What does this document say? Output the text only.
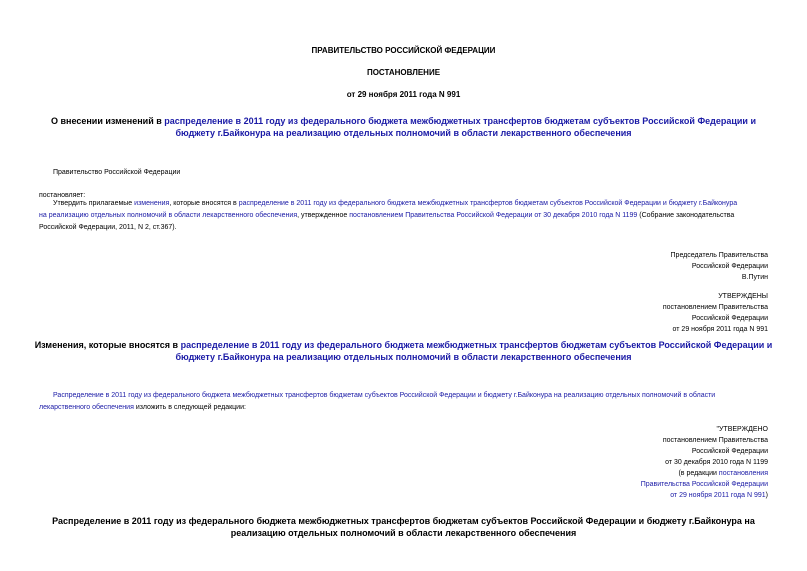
ПРАВИТЕЛЬСТВО РОССИЙСКОЙ ФЕДЕРАЦИИ
ПОСТАНОВЛЕНИЕ
от 29 ноября 2011 года N 991
О внесении изменений в распределение в 2011 году из федерального бюджета межбюджетных трансфертов бюджетам субъектов Российской Федерации и
бюджету г.Байконура на реализацию отдельных полномочий в области лекарственного обеспечения
Правительство Российской Федерации
постановляет:
Утвердить прилагаемые изменения, которые вносятся в распределение в 2011 году из федерального бюджета межбюджетных трансфертов бюджетам субъектов Российской Федерации и бюджету г.Байконура
на реализацию отдельных полномочий в области лекарственного обеспечения, утвержденное постановлением Правительства Российской Федерации от 30 декабря 2010 года N 1199 (Собрание законодательства
Российской Федерации, 2011, N 2, ст.367).
Председатель Правительства
Российской Федерации
В.Путин
УТВЕРЖДЕНЫ
постановлением Правительства
Российской Федерации
от 29 ноября 2011 года N 991
Изменения, которые вносятся в распределение в 2011 году из федерального бюджета межбюджетных трансфертов бюджетам субъектов Российской Федерации и
бюджету г.Байконура на реализацию отдельных полномочий в области лекарственного обеспечения
Распределение в 2011 году из федерального бюджета межбюджетных трансфертов бюджетам субъектов Российской Федерации и бюджету г.Байконура на реализацию отдельных полномочий в области
лекарственного обеспечения изложить в следующей редакции:
"УТВЕРЖДЕНО
постановлением Правительства
Российской Федерации
от 30 декабря 2010 года N 1199
(в редакции постановления
Правительства Российской Федерации
от 29 ноября 2011 года N 991)
Распределение в 2011 году из федерального бюджета межбюджетных трансфертов бюджетам субъектов Российской Федерации и бюджету г.Байконура на
реализацию отдельных полномочий в области лекарственного обеспечения
